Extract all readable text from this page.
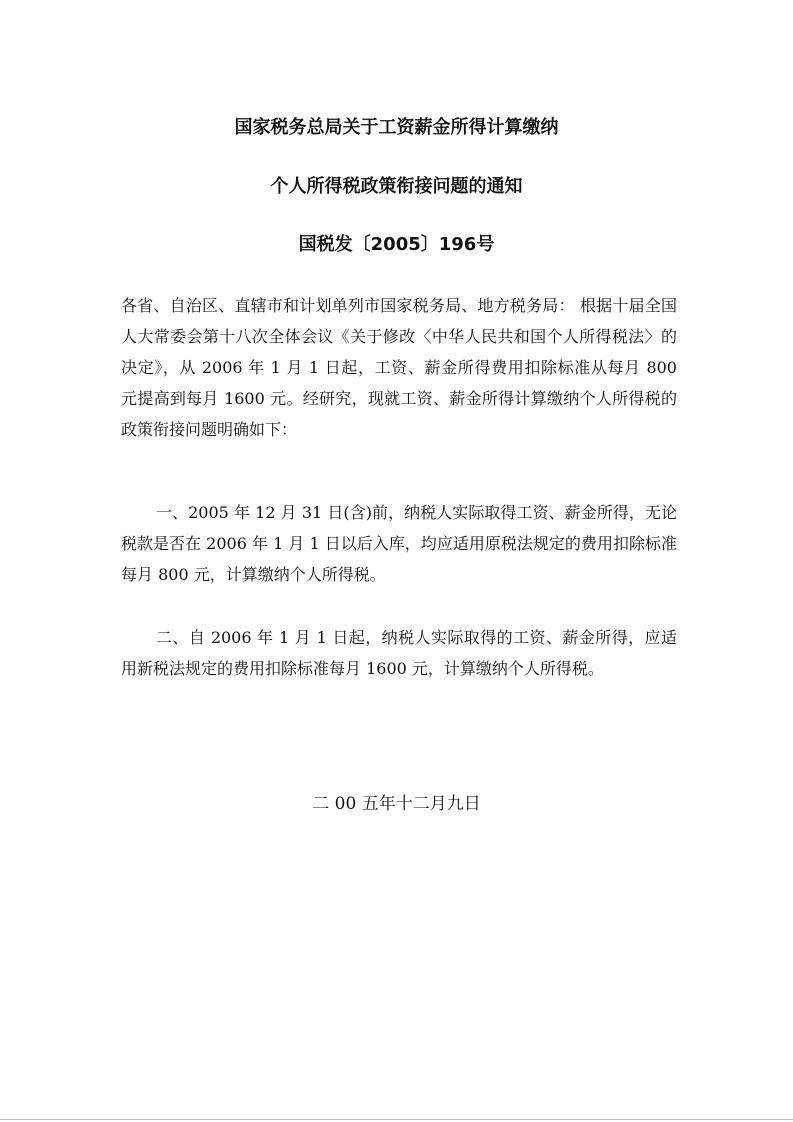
国家税务总局关于工资薪金所得计算缴纳
个人所得税政策衔接问题的通知
国税发〔2005〕196号

各省、自治区、直辖市和计划单列市国家税务局、地方税务局： 根据十届全国人大常委会第十八次全体会议《关于修改〈中华人民共和国个人所得税法〉的决定》，从 2006 年 1 月 1 日起，工资、薪金所得费用扣除标准从每月 800 元提高到每月 1600 元。经研究，现就工资、薪金所得计算缴纳个人所得税的政策衔接问题明确如下：

一、2005 年 12 月 31 日(含)前，纳税人实际取得工资、薪金所得，无论税款是否在 2006 年 1 月 1 日以后入库，均应适用原税法规定的费用扣除标准每月 800 元，计算缴纳个人所得税。

二、自 2006 年 1 月 1 日起，纳税人实际取得的工资、薪金所得，应适用新税法规定的费用扣除标准每月 1600 元，计算缴纳个人所得税。

二 00 五年十二月九日
